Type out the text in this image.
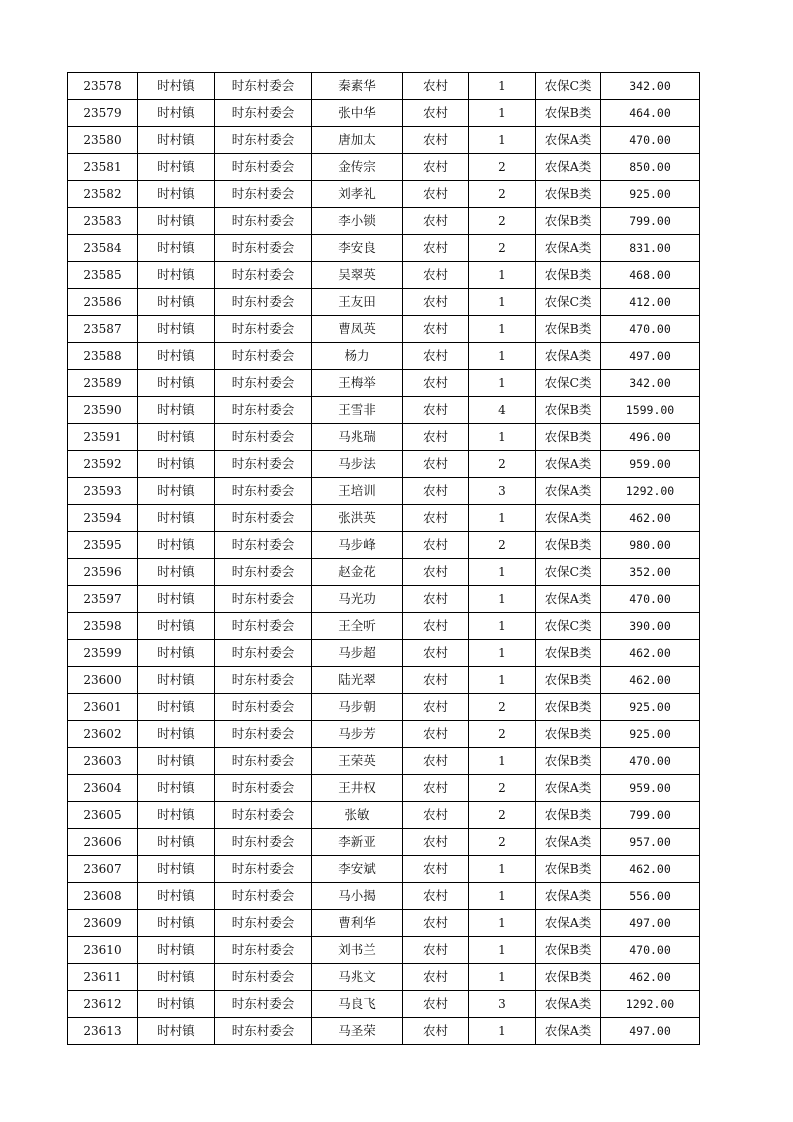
23578	时村镇	时东村委会	秦素华	农村	1	农保C类	342.00
23579	时村镇	时东村委会	张中华	农村	1	农保B类	464.00
23580	时村镇	时东村委会	唐加太	农村	1	农保A类	470.00
23581	时村镇	时东村委会	金传宗	农村	2	农保A类	850.00
23582	时村镇	时东村委会	刘孝礼	农村	2	农保B类	925.00
23583	时村镇	时东村委会	李小锁	农村	2	农保B类	799.00
23584	时村镇	时东村委会	李安良	农村	2	农保A类	831.00
23585	时村镇	时东村委会	吴翠英	农村	1	农保B类	468.00
23586	时村镇	时东村委会	王友田	农村	1	农保C类	412.00
23587	时村镇	时东村委会	曹凤英	农村	1	农保B类	470.00
23588	时村镇	时东村委会	杨力	农村	1	农保A类	497.00
23589	时村镇	时东村委会	王梅举	农村	1	农保C类	342.00
23590	时村镇	时东村委会	王雪非	农村	4	农保B类	1599.00
23591	时村镇	时东村委会	马兆瑞	农村	1	农保B类	496.00
23592	时村镇	时东村委会	马步法	农村	2	农保A类	959.00
23593	时村镇	时东村委会	王培训	农村	3	农保A类	1292.00
23594	时村镇	时东村委会	张洪英	农村	1	农保A类	462.00
23595	时村镇	时东村委会	马步峰	农村	2	农保B类	980.00
23596	时村镇	时东村委会	赵金花	农村	1	农保C类	352.00
23597	时村镇	时东村委会	马光功	农村	1	农保A类	470.00
23598	时村镇	时东村委会	王全听	农村	1	农保C类	390.00
23599	时村镇	时东村委会	马步超	农村	1	农保B类	462.00
23600	时村镇	时东村委会	陆光翠	农村	1	农保B类	462.00
23601	时村镇	时东村委会	马步朝	农村	2	农保B类	925.00
23602	时村镇	时东村委会	马步芳	农村	2	农保B类	925.00
23603	时村镇	时东村委会	王荣英	农村	1	农保B类	470.00
23604	时村镇	时东村委会	王井权	农村	2	农保A类	959.00
23605	时村镇	时东村委会	张敏	农村	2	农保B类	799.00
23606	时村镇	时东村委会	李新亚	农村	2	农保A类	957.00
23607	时村镇	时东村委会	李安斌	农村	1	农保B类	462.00
23608	时村镇	时东村委会	马小揭	农村	1	农保A类	556.00
23609	时村镇	时东村委会	曹利华	农村	1	农保A类	497.00
23610	时村镇	时东村委会	刘书兰	农村	1	农保B类	470.00
23611	时村镇	时东村委会	马兆文	农村	1	农保B类	462.00
23612	时村镇	时东村委会	马良飞	农村	3	农保A类	1292.00
23613	时村镇	时东村委会	马圣荣	农村	1	农保A类	497.00
